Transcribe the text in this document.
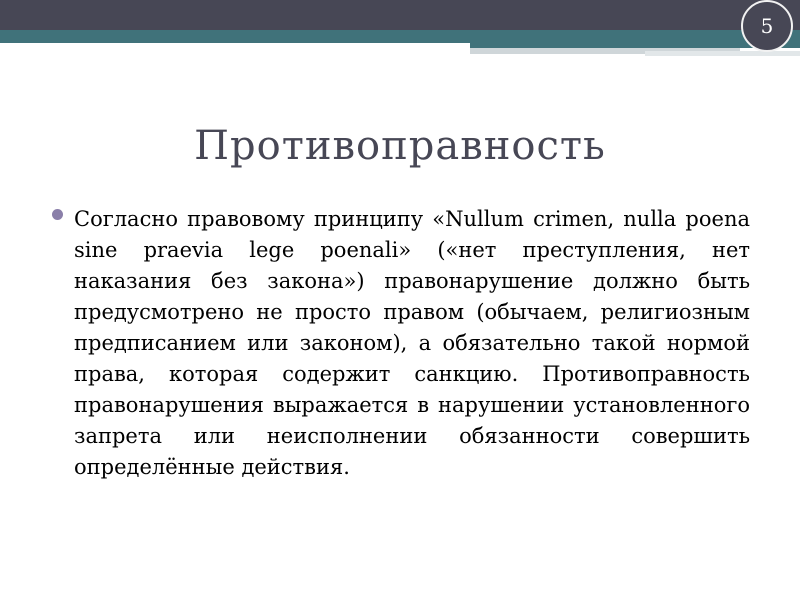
5
Противоправность

Согласно правовому принципу «Nullum crimen, nulla poena sine praevia lege poenali» («нет преступления, нет наказания без закона») правонарушение должно быть предусмотрено не просто правом (обычаем, религиозным предписанием или законом), а обязательно такой нормой права, которая содержит санкцию. Противоправность правонарушения выражается в нарушении установленного запрета или неисполнении обязанности совершить определённые действия.
